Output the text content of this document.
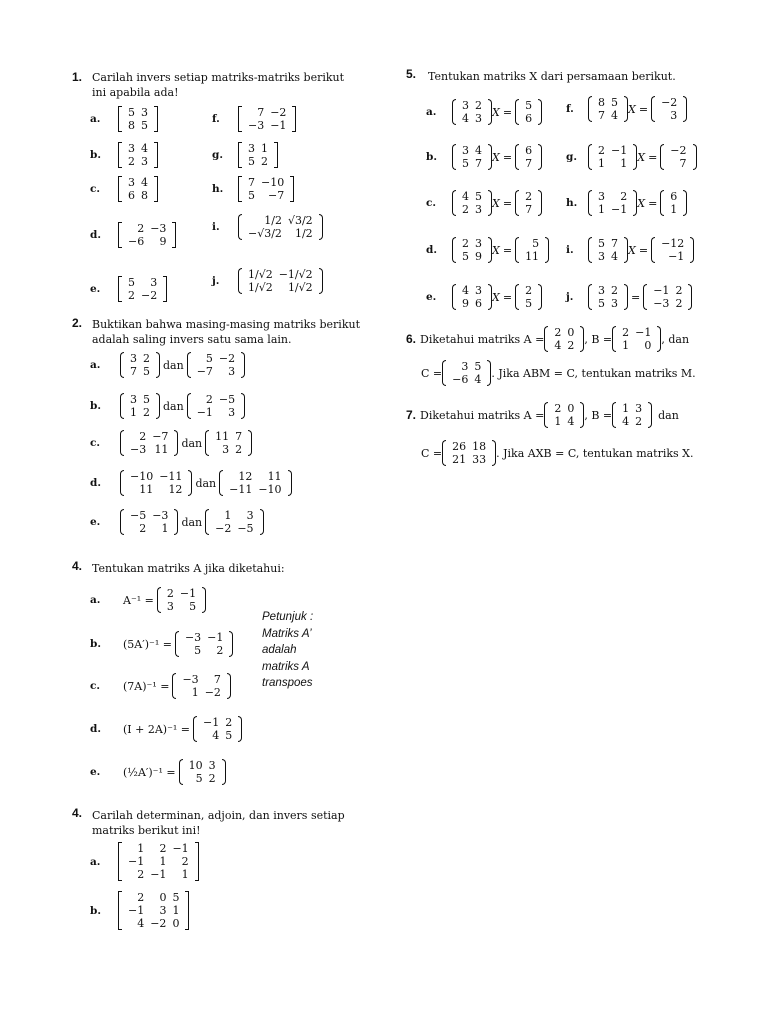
1. Carilah invers setiap matriks-matriks berikut
ini apabila ada!
a.
5	3
8	5
b.
3	4
2	3
c.
3	4
6	8
d.
2	−3
−6	9
e.
5	3
2	−2
f.
7	−2
−3	−1
g.
3	1
5	2
h.
7	−10
5	−7
i.
1/2	√3/2
−√3/2	1/2
j.
1/√2	−1/√2
1/√2	1/√2
2. Buktikan bahwa masing-masing matriks berikut
adalah saling invers satu sama lain.
a.
3	2
7	5 dan
5	−2
−7	3
b.
3	5
1	2 dan
2	−5
−1	3
c.
2	−7
−3	11 dan
11	7
3	2
d.
−10	−11
11	12 dan
12	11
−11	−10
e.
−5	−3
2	1 dan
1	3
−2	−5
4. Tentukan matriks A jika diketahui:
a.	A⁻¹ =
2	−1
3	5
b.	(5A′)⁻¹ =
−3	−1
5	2
c.	(7A)⁻¹ =
−3	7
1	−2
d.	(I + 2A)⁻¹ =
−1	2
4	5
e.	(½A′)⁻¹ =
10	3
5	2
Petunjuk :
Matriks A’
adalah
matriks A
transpoes
4. Carilah determinan, adjoin, dan invers setiap
matriks berikut ini!
a.
1	2	−1
−1	1	2
2	−1	1
b.
2	0	5
−1	3	1
4	−2	0
5. Tentukan matriks X dari persamaan berikut.
a.
3	2
4	3 X =
5
6
b.
3	4
5	7 X =
6
7
c.
4	5
2	3 X =
2
7
d.
2	3
5	9 X =
5
11
e.
4	3
9	6 X =
2
5
f.
8	5
7	4 X =
−2
3
g.
2	−1
1	1 X =
−2
7
h.
3	2
1	−1 X =
6
1
i.
5	7
3	4 X =
−12
−1
j.
3	2
5	3 =
−1	2
−3	2
6. Diketahui matriks A =
2	0
4	2 , B =
2	−1
1	0 , dan
C =
3	5
−6	4 . Jika ABM = C, tentukan matriks M.
7. Diketahui matriks A =
2	0
1	4 , B =
1	3
4	2 dan
C =
26	18
21	33 . Jika AXB = C, tentukan matriks X.
